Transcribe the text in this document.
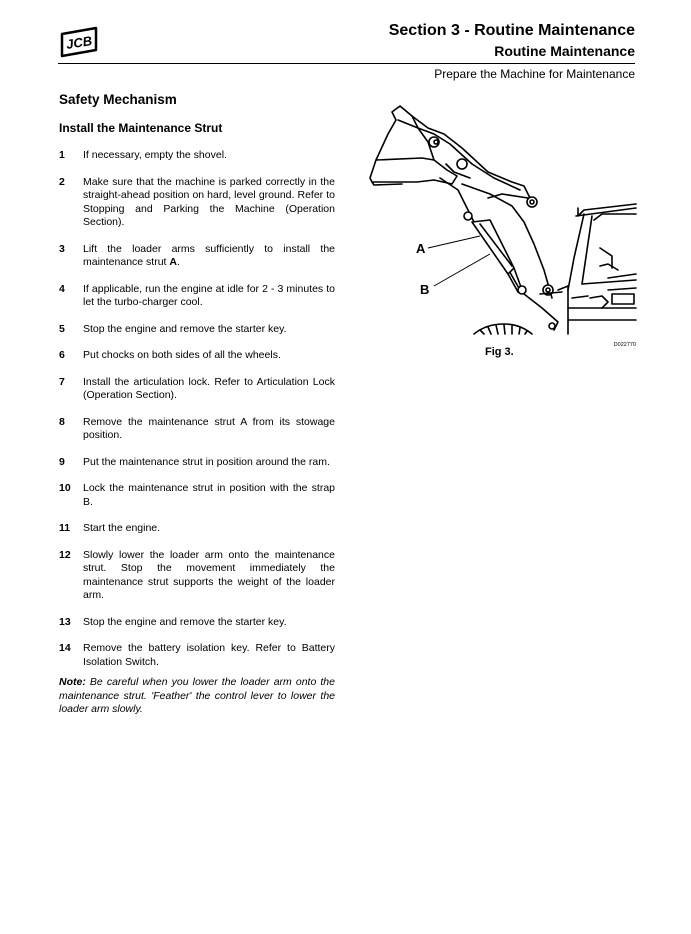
JCB
Section 3 - Routine Maintenance
Routine Maintenance
Prepare the Machine for Maintenance
Safety Mechanism
Install the Maintenance Strut
1	If necessary, empty the shovel.
2	Make sure that the machine is parked correctly in the straight-ahead position on hard, level ground. Refer to Stopping and Parking the Machine (Operation Section).
3	Lift the loader arms sufficiently to install the maintenance strut A.
4	If applicable, run the engine at idle for 2 - 3 minutes to let the turbo-charger cool.
5	Stop the engine and remove the starter key.
6	Put chocks on both sides of all the wheels.
7	Install the articulation lock. Refer to Articulation Lock (Operation Section).
8	Remove the maintenance strut A from its stowage position.
9	Put the maintenance strut in position around the ram.
10	Lock the maintenance strut in position with the strap B.
11	Start the engine.
12	Slowly lower the loader arm onto the maintenance strut. Stop the movement immediately the maintenance strut supports the weight of the loader arm.
13	Stop the engine and remove the starter key.
14	Remove the battery isolation key. Refer to Battery Isolation Switch.
Note: Be careful when you lower the loader arm onto the maintenance strut. 'Feather' the control lever to lower the loader arm slowly.
A
B
D022770
Fig 3.
